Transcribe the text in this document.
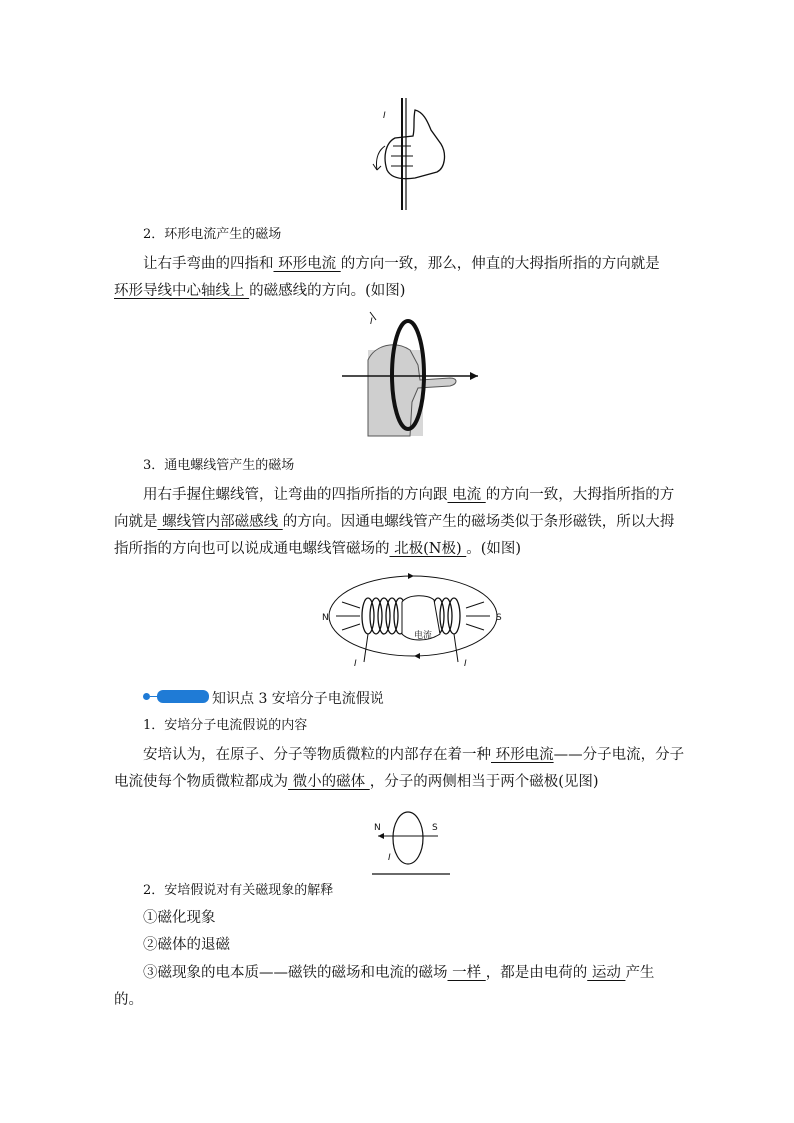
I
2．环形电流产生的磁场
让右手弯曲的四指和 环形电流 的方向一致，那么，伸直的大拇指所指的方向就是
环形导线中心轴线上 的磁感线的方向。(如图)
I
3．通电螺线管产生的磁场
用右手握住螺线管，让弯曲的四指所指的方向跟 电流 的方向一致，大拇指所指的方
向就是 螺线管内部磁感线 的方向。因通电螺线管产生的磁场类似于条形磁铁，所以大拇
指所指的方向也可以说成通电螺线管磁场的 北极(N极) 。(如图)
N	S
电流
I	I
知识点 3 安培分子电流假说
1．安培分子电流假说的内容
安培认为，在原子、分子等物质微粒的内部存在着一种 环形电流——分子电流，分子
电流使每个物质微粒都成为 微小的磁体 ，分子的两侧相当于两个磁极(见图)
N	S
I
2．安培假说对有关磁现象的解释
①磁化现象
②磁体的退磁
③磁现象的电本质——磁铁的磁场和电流的磁场 一样 ，都是由电荷的 运动 产生
的。
